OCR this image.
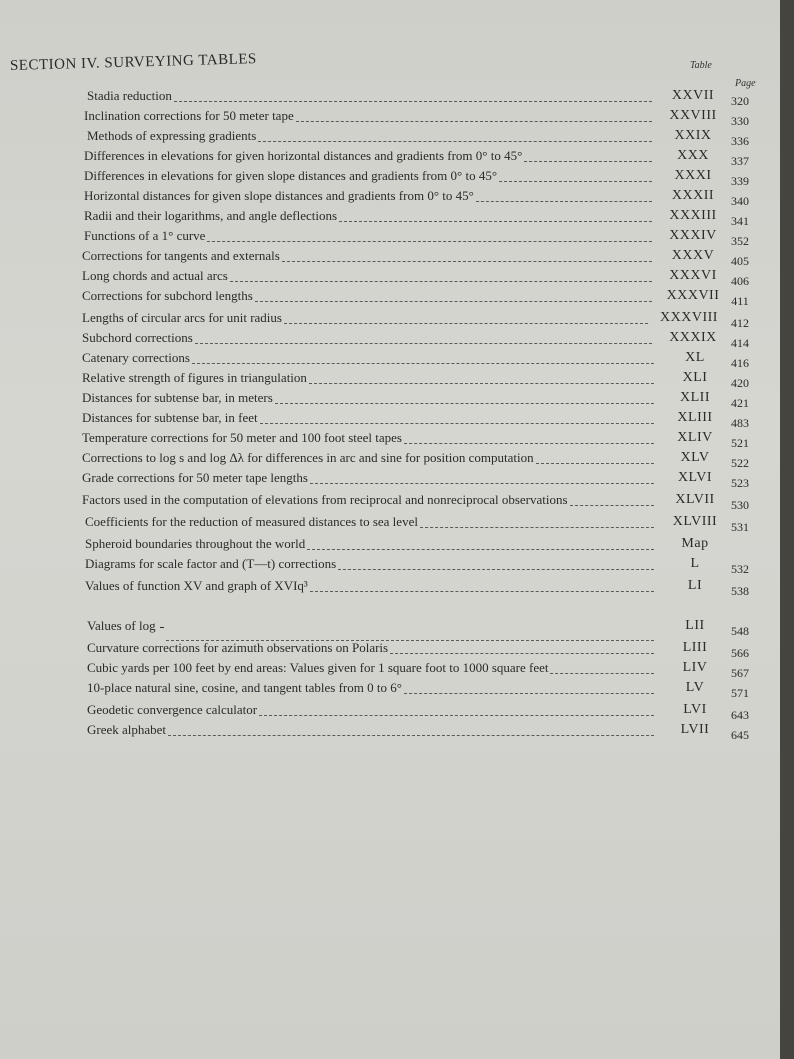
SECTION IV. SURVEYING TABLES	Table
Page
Stadia reduction	XXVII	320
Inclination corrections for 50 meter tape	XXVIII	330
Methods of expressing gradients	XXIX	336
Differences in elevations for given horizontal distances and gradients from 0° to 45°	XXX	337
Differences in elevations for given slope distances and gradients from 0° to 45°	XXXI	339
Horizontal distances for given slope distances and gradients from 0° to 45°	XXXII	340
Radii and their logarithms, and angle deflections	XXXIII	341
Functions of a 1° curve	XXXIV	352
Corrections for tangents and externals	XXXV	405
Long chords and actual arcs	XXXVI	406
Corrections for subchord lengths	XXXVII 411
Lengths of circular arcs for unit radius	XXXVIII	412
Subchord corrections	XXXIX	414
Catenary corrections	XL	416
Relative strength of figures in triangulation	XLI	420
Distances for subtense bar, in meters	XLII	421
Distances for subtense bar, in feet	XLIII	483
Temperature corrections for 50 meter and 100 foot steel tapes	XLIV	521
Corrections to log s and log Δλ for differences in arc and sine for position computation	XLV	522
Grade corrections for 50 meter tape lengths	XLVI	523
Factors used in the computation of elevations from reciprocal and nonreciprocal observations	XLVII	530
Coefficients for the reduction of measured distances to sea level	XLVIII	531
Spheroid boundaries throughout the world	Map
Diagrams for scale factor and (T—t) corrections	L	532
Values of function XV and graph of XVIq³	LI	538
Values of log	LII	548
Curvature corrections for azimuth observations on Polaris	LIII	566
Cubic yards per 100 feet by end areas: Values given for 1 square foot to 1000 square feet	LIV	567
10-place natural sine, cosine, and tangent tables from 0 to 6°	LV	571
Geodetic convergence calculator	LVI	643
Greek alphabet	LVII	645
